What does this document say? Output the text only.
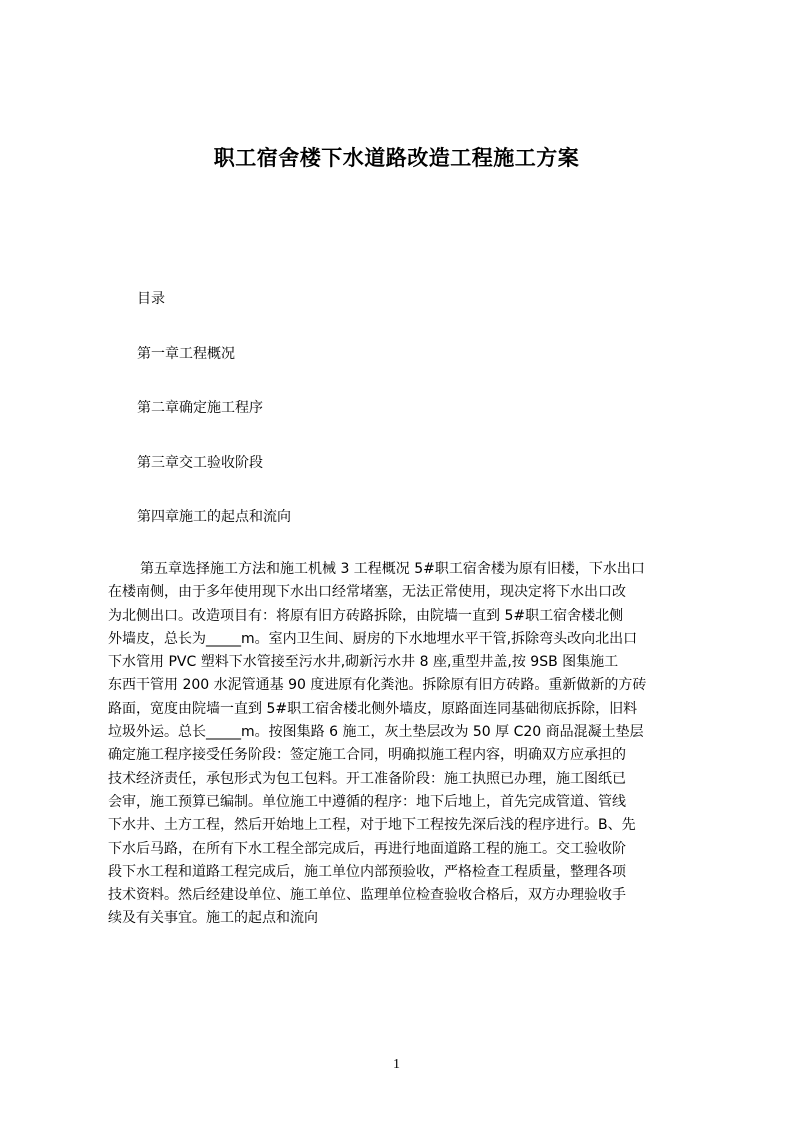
职工宿舍楼下水道路改造工程施工方案
目录
第一章工程概况
第二章确定施工程序
第三章交工验收阶段
第四章施工的起点和流向
第五章选择施工方法和施工机械 3 工程概况 5#职工宿舍楼为原有旧楼，下水出口
在楼南侧，由于多年使用现下水出口经常堵塞，无法正常使用，现决定将下水出口改
为北侧出口。改造项目有：将原有旧方砖路拆除，由院墙一直到 5#职工宿舍楼北侧
外墙皮，总长为_____m。室内卫生间、厨房的下水地埋水平干管,拆除弯头改向北出口
下水管用 PVC 塑料下水管接至污水井,砌新污水井 8 座,重型井盖,按 9SB 图集施工
东西干管用 200 水泥管通基 90 度进原有化粪池。拆除原有旧方砖路。重新做新的方砖
路面，宽度由院墙一直到 5#职工宿舍楼北侧外墙皮，原路面连同基础彻底拆除，旧料
垃圾外运。总长_____m。按图集路 6 施工，灰土垫层改为 50 厚 C20 商品混凝土垫层
确定施工程序接受任务阶段：签定施工合同，明确拟施工程内容，明确双方应承担的
技术经济责任，承包形式为包工包料。开工准备阶段：施工执照已办理，施工图纸已
会审，施工预算已编制。单位施工中遵循的程序：地下后地上，首先完成管道、管线
下水井、土方工程，然后开始地上工程，对于地下工程按先深后浅的程序进行。B、先
下水后马路，在所有下水工程全部完成后，再进行地面道路工程的施工。交工验收阶
段下水工程和道路工程完成后，施工单位内部预验收，严格检查工程质量，整理各项
技术资料。然后经建设单位、施工单位、监理单位检查验收合格后，双方办理验收手
续及有关事宜。施工的起点和流向

1
